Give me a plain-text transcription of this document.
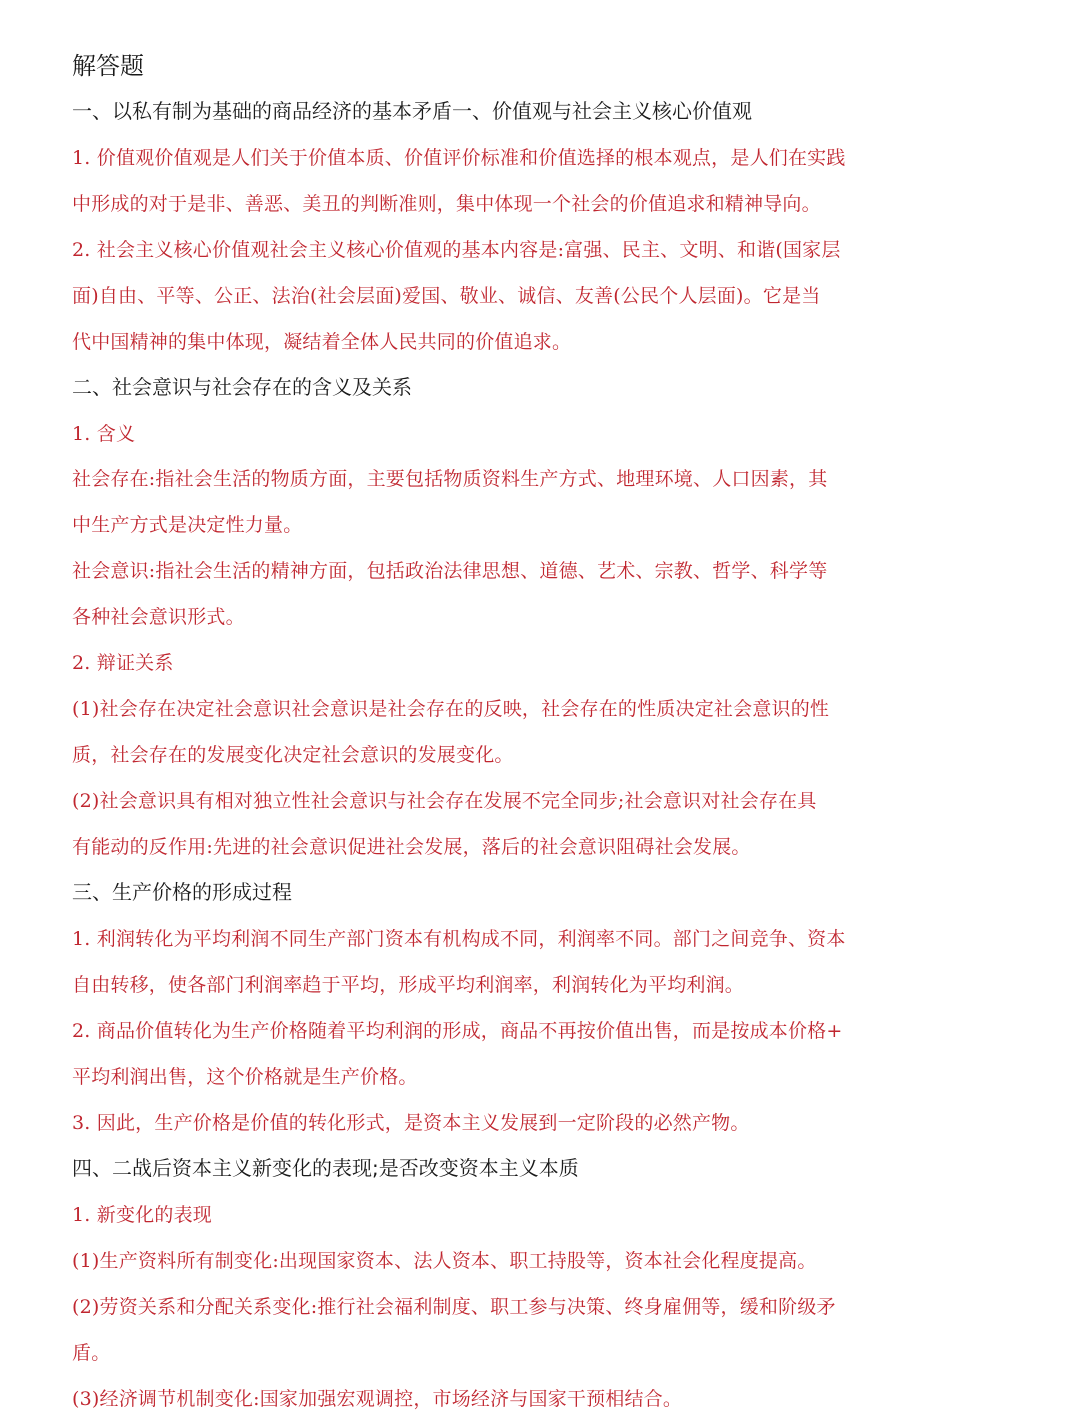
解答题
一、以私有制为基础的商品经济的基本矛盾一、价值观与社会主义核心价值观
1. 价值观价值观是人们关于价值本质、价值评价标准和价值选择的根本观点，是人们在实践
中形成的对于是非、善恶、美丑的判断准则，集中体现一个社会的价值追求和精神导向。
2. 社会主义核心价值观社会主义核心价值观的基本内容是:富强、民主、文明、和谐(国家层
面)自由、平等、公正、法治(社会层面)爱国、敬业、诚信、友善(公民个人层面)。它是当
代中国精神的集中体现，凝结着全体人民共同的价值追求。
二、社会意识与社会存在的含义及关系
1. 含义
社会存在:指社会生活的物质方面，主要包括物质资料生产方式、地理环境、人口因素，其
中生产方式是决定性力量。
社会意识:指社会生活的精神方面，包括政治法律思想、道德、艺术、宗教、哲学、科学等
各种社会意识形式。
2. 辩证关系
(1)社会存在决定社会意识社会意识是社会存在的反映，社会存在的性质决定社会意识的性
质，社会存在的发展变化决定社会意识的发展变化。
(2)社会意识具有相对独立性社会意识与社会存在发展不完全同步;社会意识对社会存在具
有能动的反作用:先进的社会意识促进社会发展，落后的社会意识阻碍社会发展。
三、生产价格的形成过程
1. 利润转化为平均利润不同生产部门资本有机构成不同，利润率不同。部门之间竞争、资本
自由转移，使各部门利润率趋于平均，形成平均利润率，利润转化为平均利润。
2. 商品价值转化为生产价格随着平均利润的形成，商品不再按价值出售，而是按成本价格+
平均利润出售，这个价格就是生产价格。
3. 因此，生产价格是价值的转化形式，是资本主义发展到一定阶段的必然产物。
四、二战后资本主义新变化的表现;是否改变资本主义本质
1. 新变化的表现
(1)生产资料所有制变化:出现国家资本、法人资本、职工持股等，资本社会化程度提高。
(2)劳资关系和分配关系变化:推行社会福利制度、职工参与决策、终身雇佣等，缓和阶级矛
盾。
(3)经济调节机制变化:国家加强宏观调控，市场经济与国家干预相结合。
